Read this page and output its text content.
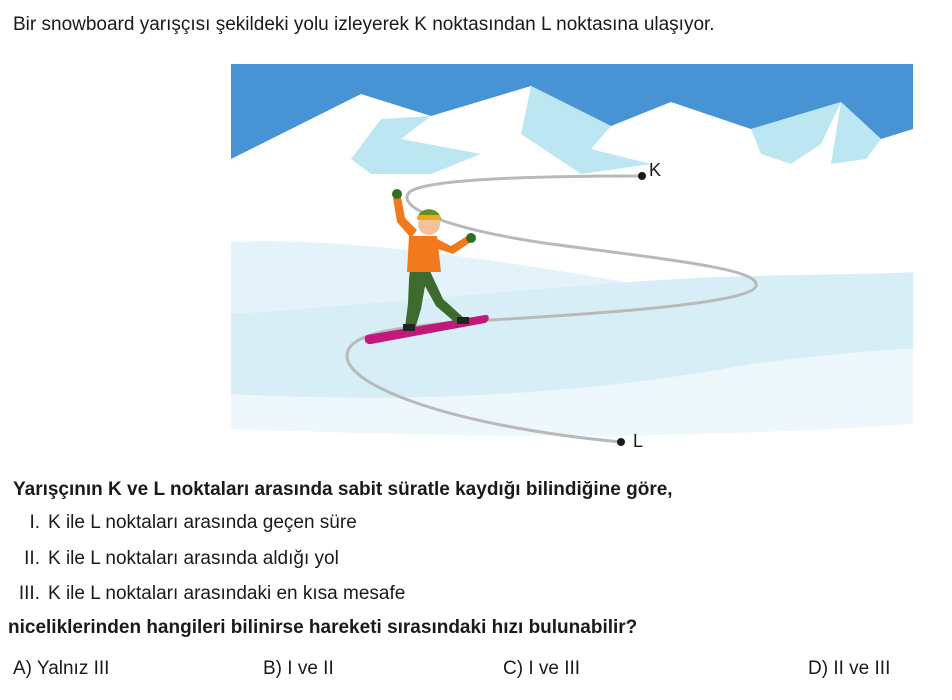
Bir snowboard yarışçısı şekildeki yolu izleyerek K noktasından L noktasına ulaşıyor.
K
L
Yarışçının K ve L noktaları arasında sabit süratle kaydığı bilindiğine göre,
I. K ile L noktaları arasında geçen süre
II. K ile L noktaları arasında aldığı yol
III. K ile L noktaları arasındaki en kısa mesafe
niceliklerinden hangileri bilinirse hareketi sırasındaki hızı bulunabilir?
A) Yalnız III	B) I ve II	C) I ve III	D) II ve III
